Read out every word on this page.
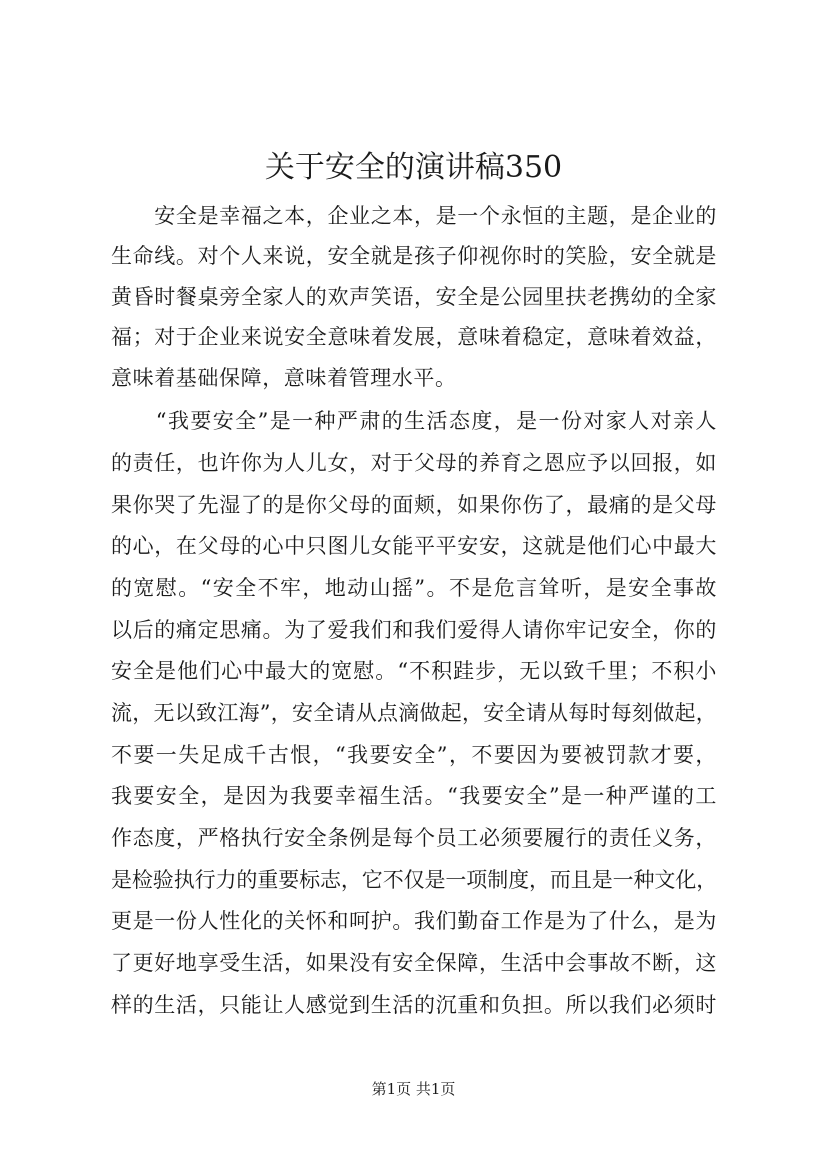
关于安全的演讲稿350
　　安全是幸福之本，企业之本，是一个永恒的主题，是企业的
生命线。对个人来说，安全就是孩子仰视你时的笑脸，安全就是
黄昏时餐桌旁全家人的欢声笑语，安全是公园里扶老携幼的全家
福；对于企业来说安全意味着发展，意味着稳定，意味着效益，
意味着基础保障，意味着管理水平。
　　“我要安全”是一种严肃的生活态度，是一份对家人对亲人
的责任，也许你为人儿女，对于父母的养育之恩应予以回报，如
果你哭了先湿了的是你父母的面颊，如果你伤了，最痛的是父母
的心，在父母的心中只图儿女能平平安安，这就是他们心中最大
的宽慰。“安全不牢，地动山摇”。不是危言耸听，是安全事故
以后的痛定思痛。为了爱我们和我们爱得人请你牢记安全，你的
安全是他们心中最大的宽慰。“不积跬步，无以致千里；不积小
流，无以致江海”，安全请从点滴做起，安全请从每时每刻做起，
不要一失足成千古恨，“我要安全”，不要因为要被罚款才要，
我要安全，是因为我要幸福生活。“我要安全”是一种严谨的工
作态度，严格执行安全条例是每个员工必须要履行的责任义务，
是检验执行力的重要标志，它不仅是一项制度，而且是一种文化，
更是一份人性化的关怀和呵护。我们勤奋工作是为了什么，是为
了更好地享受生活，如果没有安全保障，生活中会事故不断，这
样的生活，只能让人感觉到生活的沉重和负担。所以我们必须时
第1页 共1页
